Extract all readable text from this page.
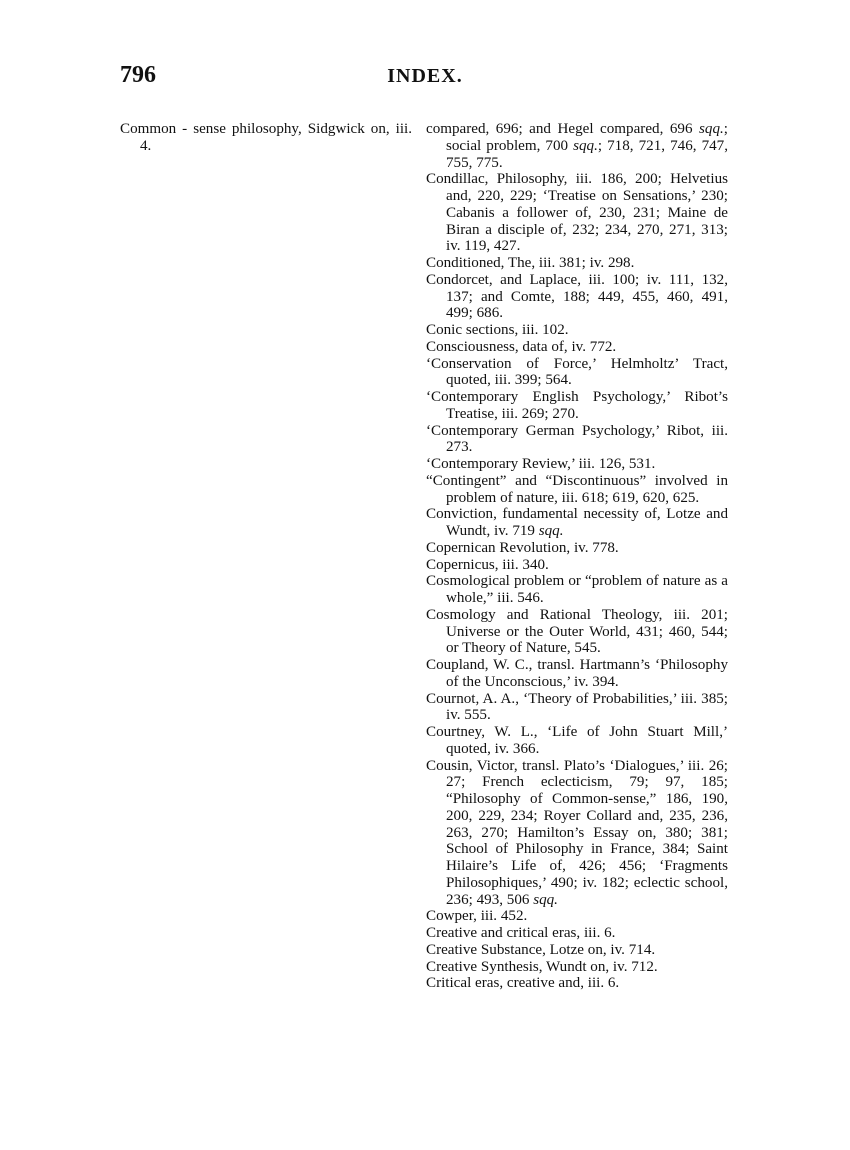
796	INDEX.

Common - sense philosophy, Sidgwick on, iii. 4.

compared, 696; and Hegel compared, 696 sqq.; social problem, 700 sqq.; 718, 721, 746, 747, 755, 775.

Condillac, Philosophy, iii. 186, 200; Helvetius and, 220, 229; ‘Treatise on Sensations,’ 230; Cabanis a follower of, 230, 231; Maine de Biran a disciple of, 232; 234, 270, 271, 313; iv. 119, 427.

Conditioned, The, iii. 381; iv. 298.

Condorcet, and Laplace, iii. 100; iv. 111, 132, 137; and Comte, 188; 449, 455, 460, 491, 499; 686.

Conic sections, iii. 102.

Consciousness, data of, iv. 772.

‘Conservation of Force,’ Helmholtz’ Tract, quoted, iii. 399; 564.

‘Contemporary English Psychology,’ Ribot’s Treatise, iii. 269; 270.

‘Contemporary German Psychology,’ Ribot, iii. 273.

‘Contemporary Review,’ iii. 126, 531.

“Contingent” and “Discontinuous” involved in problem of nature, iii. 618; 619, 620, 625.

Conviction, fundamental necessity of, Lotze and Wundt, iv. 719 sqq.

Copernican Revolution, iv. 778.

Copernicus, iii. 340.

Cosmological problem or “problem of nature as a whole,” iii. 546.

Cosmology and Rational Theology, iii. 201; Universe or the Outer World, 431; 460, 544; or Theory of Nature, 545.

Coupland, W. C., transl. Hartmann’s ‘Philosophy of the Unconscious,’ iv. 394.

Cournot, A. A., ‘Theory of Probabilities,’ iii. 385; iv. 555.

Courtney, W. L., ‘Life of John Stuart Mill,’ quoted, iv. 366.

Cousin, Victor, transl. Plato’s ‘Dialogues,’ iii. 26; 27; French eclecticism, 79; 97, 185; “Philosophy of Common-sense,” 186, 190, 200, 229, 234; Royer Collard and, 235, 236, 263, 270; Hamilton’s Essay on, 380; 381; School of Philosophy in France, 384; Saint Hilaire’s Life of, 426; 456; ‘Fragments Philosophiques,’ 490; iv. 182; eclectic school, 236; 493, 506 sqq.

Cowper, iii. 452.

Creative and critical eras, iii. 6.

Creative Substance, Lotze on, iv. 714.

Creative Synthesis, Wundt on, iv. 712.

Critical eras, creative and, iii. 6.
